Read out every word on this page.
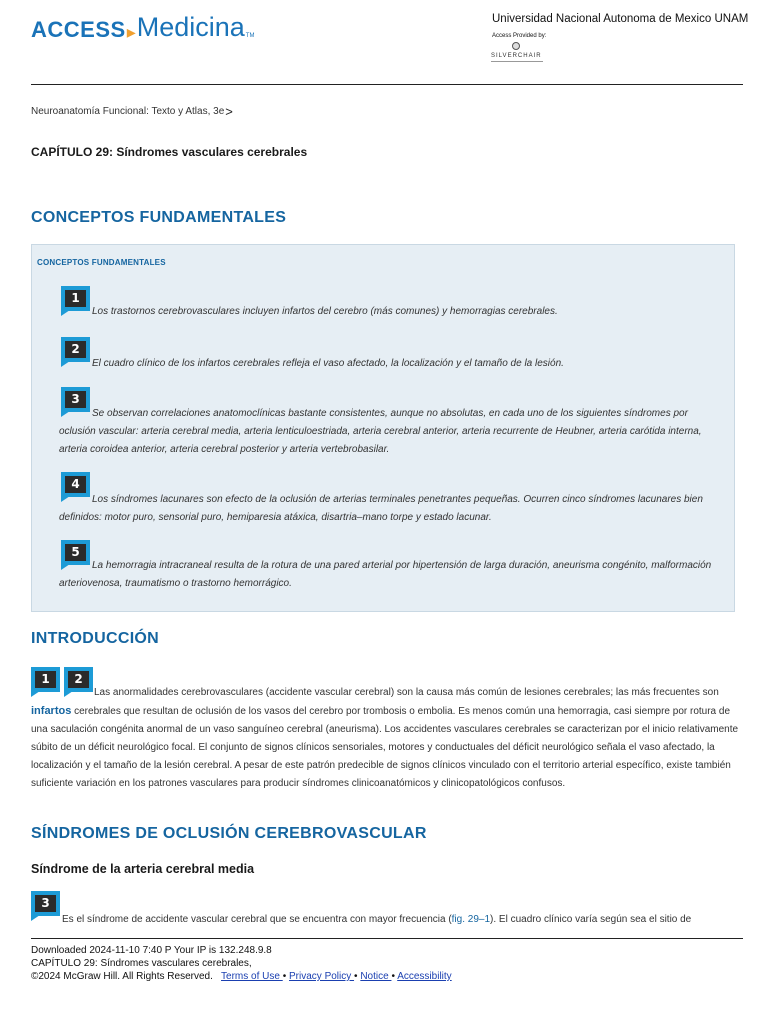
ACCESS ▸ Medicina TM
Universidad Nacional Autonoma de Mexico UNAM
Access Provided by:
SILVERCHAIR
Neuroanatomía Funcional: Texto y Atlas, 3e >
CAPÍTULO 29: Síndromes vasculares cerebrales
CONCEPTOS FUNDAMENTALES
CONCEPTOS FUNDAMENTALES
1
Los trastornos cerebrovasculares incluyen infartos del cerebro (más comunes) y hemorragias cerebrales.
2
El cuadro clínico de los infartos cerebrales refleja el vaso afectado, la localización y el tamaño de la lesión.
3
Se observan correlaciones anatomoclínicas bastante consistentes, aunque no absolutas, en cada uno de los siguientes síndromes por oclusión vascular: arteria cerebral media, arteria lenticuloestriada, arteria cerebral anterior, arteria recurrente de Heubner, arteria carótida interna, arteria coroidea anterior, arteria cerebral posterior y arteria vertebrobasilar.
4
Los síndromes lacunares son efecto de la oclusión de arterias terminales penetrantes pequeñas. Ocurren cinco síndromes lacunares bien definidos: motor puro, sensorial puro, hemiparesia atáxica, disartria–mano torpe y estado lacunar.
5
La hemorragia intracraneal resulta de la rotura de una pared arterial por hipertensión de larga duración, aneurisma congénito, malformación arteriovenosa, traumatismo o trastorno hemorrágico.
INTRODUCCIÓN
1	2
Las anormalidades cerebrovasculares (accidente vascular cerebral) son la causa más común de lesiones cerebrales; las más frecuentes son infartos cerebrales que resultan de oclusión de los vasos del cerebro por trombosis o embolia. Es menos común una hemorragia, casi siempre por rotura de una saculación congénita anormal de un vaso sanguíneo cerebral (aneurisma). Los accidentes vasculares cerebrales se caracterizan por el inicio relativamente súbito de un déficit neurológico focal. El conjunto de signos clínicos sensoriales, motores y conductuales del déficit neurológico señala el vaso afectado, la localización y el tamaño de la lesión cerebral. A pesar de este patrón predecible de signos clínicos vinculado con el territorio arterial específico, existe también suficiente variación en los patrones vasculares para producir síndromes clinicoanatómicos y clinicopatológicos confusos.
SÍNDROMES DE OCLUSIÓN CEREBROVASCULAR
Síndrome de la arteria cerebral media
3
Es el síndrome de accidente vascular cerebral que se encuentra con mayor frecuencia (fig. 29–1). El cuadro clínico varía según sea el sitio de
Downloaded 2024-11-10 7:40 P Your IP is 132.248.9.8
CAPÍTULO 29: Síndromes vasculares cerebrales,
©2024 McGraw Hill. All Rights Reserved. Terms of Use • Privacy Policy • Notice • Accessibility
